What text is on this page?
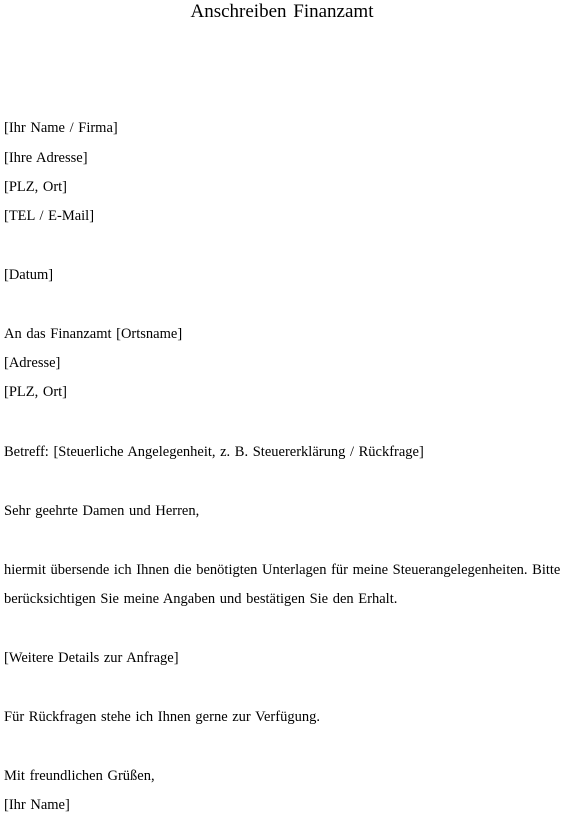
Anschreiben Finanzamt
[Ihr Name / Firma]
[Ihre Adresse]
[PLZ, Ort]
[TEL / E-Mail]
[Datum]
An das Finanzamt [Ortsname]
[Adresse]
[PLZ, Ort]
Betreff: [Steuerliche Angelegenheit, z. B. Steuererklärung / Rückfrage]
Sehr geehrte Damen und Herren,
hiermit übersende ich Ihnen die benötigten Unterlagen für meine Steuerangelegenheiten. Bitte
berücksichtigen Sie meine Angaben und bestätigen Sie den Erhalt.
[Weitere Details zur Anfrage]
Für Rückfragen stehe ich Ihnen gerne zur Verfügung.
Mit freundlichen Grüßen,
[Ihr Name]
